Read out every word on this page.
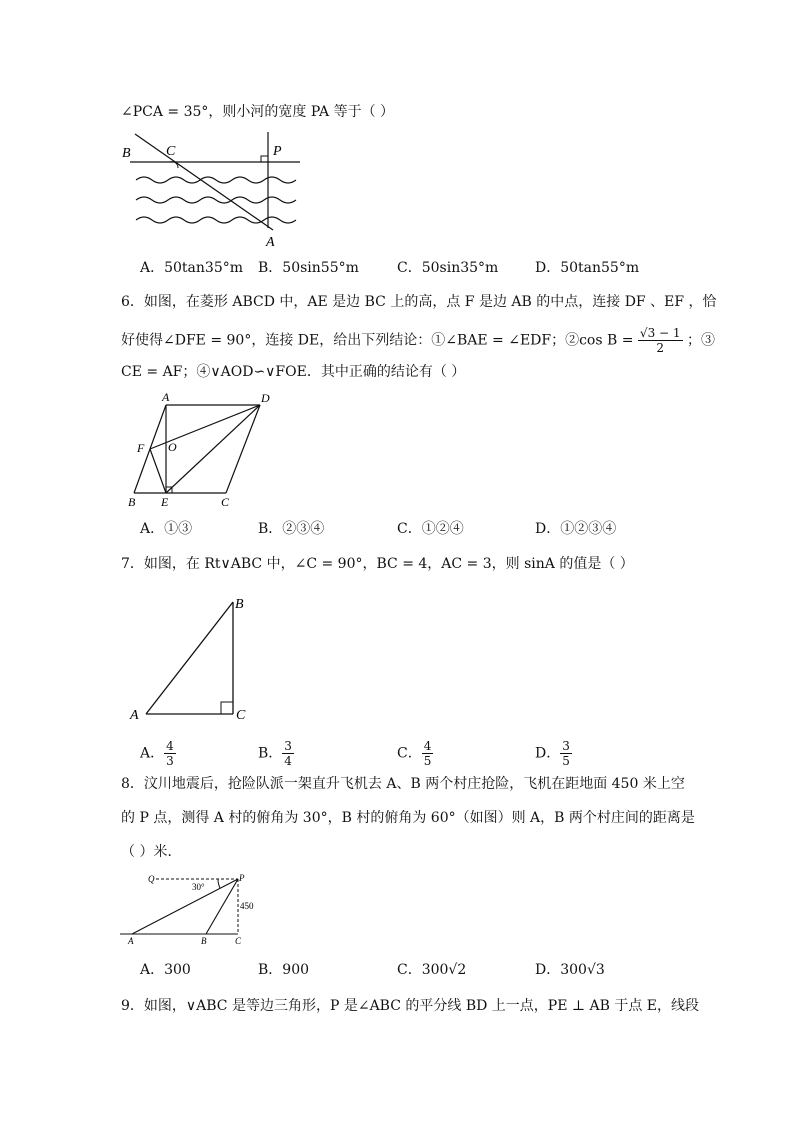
∠PCA = 35°，则小河的宽度 PA 等于（ ）
B	C	P
A
A．50tan35°m B．50sin55°m	C．50sin35°m	D．50tan55°m
6．如图，在菱形 ABCD 中，AE 是边 BC 上的高，点 F 是边 AB 的中点，连接 DF 、EF ，恰
好使得∠DFE = 90°，连接 DE，给出下列结论：①∠BAE = ∠EDF；②cos $B = \frac{√3 - 1}{2}$ ；③
CE = AF；④∨AOD∽∨FOE．其中正确的结论有（ ）
A	D
F O
B E	C
A．①③	B．②③④	C．①②④	D．①②③④
7．如图，在 Rt∨ABC 中，∠C = 90°，BC = 4，AC = 3，则 sinA 的值是（ ）
B
A	C
A． $\frac{4}{3}$	B． $\frac{3}{4}$	C． $\frac{4}{5}$	D． $\frac{3}{5}$
8．汶川地震后，抢险队派一架直升飞机去 A、B 两个村庄抢险，飞机在距地面 450 米上空
的 P 点，测得 A 村的俯角为 30°，B 村的俯角为 60°（如图）则 A，B 两个村庄间的距离是
（ ）米．
Q	P
30°
450
A	B	C
A．300	B．900	C．300√2	D．300√3
9．如图，∨ABC 是等边三角形，P 是∠ABC 的平分线 BD 上一点，PE ⊥ AB 于点 E，线段
